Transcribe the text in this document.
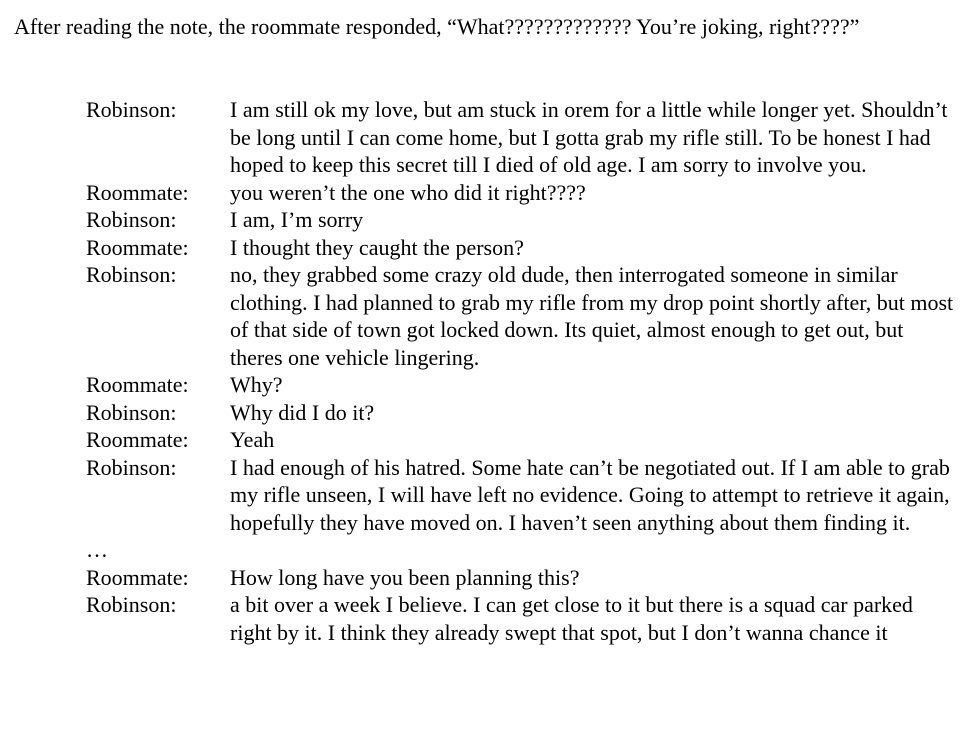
After reading the note, the roommate responded, “What????????????? You’re joking, right????”

Robinson:	I am still ok my love, but am stuck in orem for a little while longer yet. Shouldn’t be long until I can come home, but I gotta grab my rifle still. To be honest I had hoped to keep this secret till I died of old age. I am sorry to involve you.
Roommate:	you weren’t the one who did it right????
Robinson:	I am, I’m sorry
Roommate:	I thought they caught the person?
Robinson:	no, they grabbed some crazy old dude, then interrogated someone in similar clothing. I had planned to grab my rifle from my drop point shortly after, but most of that side of town got locked down. Its quiet, almost enough to get out, but theres one vehicle lingering.
Roommate:	Why?
Robinson:	Why did I do it?
Roommate:	Yeah
Robinson:	I had enough of his hatred. Some hate can’t be negotiated out. If I am able to grab my rifle unseen, I will have left no evidence. Going to attempt to retrieve it again, hopefully they have moved on. I haven’t seen anything about them finding it.
…
Roommate:	How long have you been planning this?
Robinson:	a bit over a week I believe. I can get close to it but there is a squad car parked right by it. I think they already swept that spot, but I don’t wanna chance it
